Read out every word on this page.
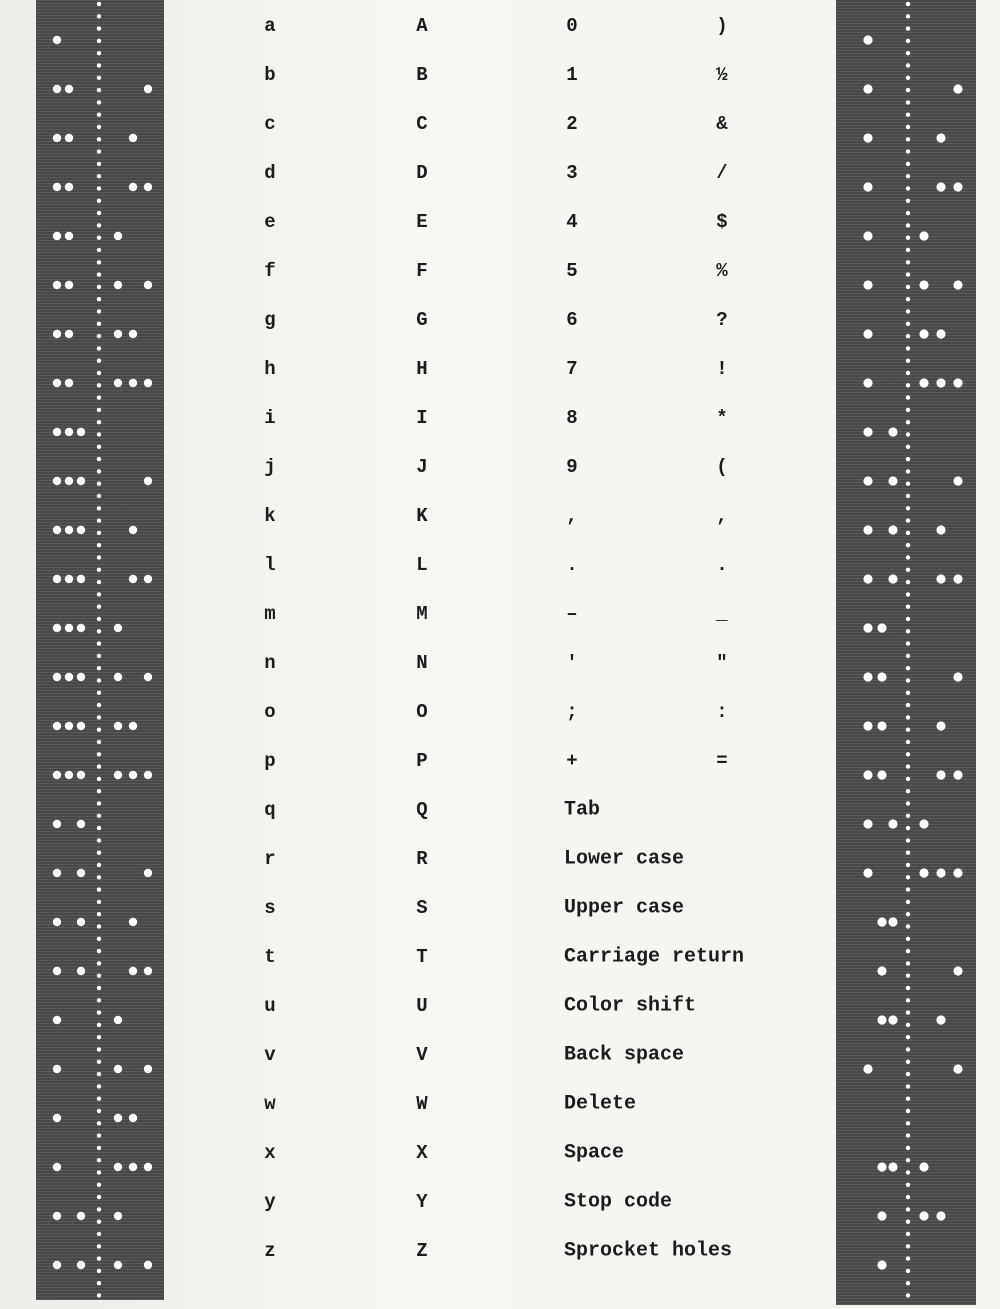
a
b
c
d
e
f
g
h
i
j
k
l
m
n
o
p
q
r
s
t
u
v
w
x
y
z
A
B
C
D
E
F
G
H
I
J
K
L
M
N
O
P
Q
R
S
T
U
V
W
X
Y
Z
0
1
2
3
4
5
6
7
8
9
,
.
–
'
;
+
Tab
Lower case
Upper case
Carriage return
Color shift
Back space
Delete
Space
Stop code
Sprocket holes
)
½
&
/
$
%
?
!
*
(
,
.
_
"
:
=
